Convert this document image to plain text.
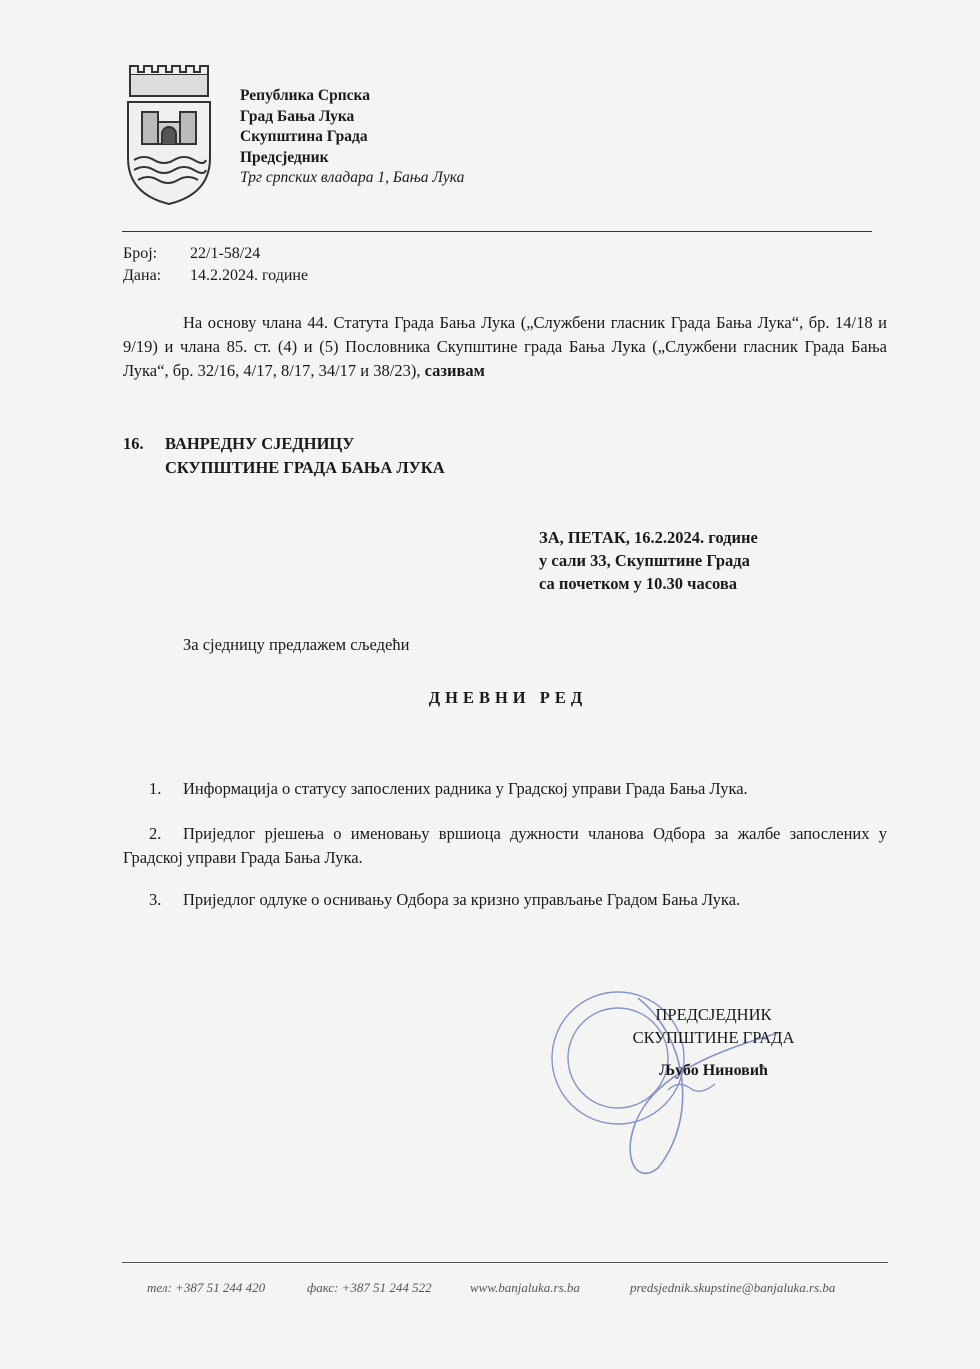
Република Српска
Град Бања Лука
Скупштина Града
Предсједник
Трг српских владара 1, Бања Лука
Број: 22/1-58/24
Дана: 14.2.2024. године
На основу члана 44. Статута Града Бања Лука („Службени гласник Града Бања Лука“, бр. 14/18 и 9/19) и члана 85. ст. (4) и (5) Пословника Скупштине града Бања Лука („Службени гласник Града Бања Лука“, бр. 32/16, 4/17, 8/17, 34/17 и 38/23), сазивам
16. ВАНРЕДНУ СЈЕДНИЦУ
СКУПШТИНЕ ГРАДА БАЊА ЛУКА
ЗА, ПЕТАК, 16.2.2024. године
у сали 33, Скупштине Града
са почетком у 10.30 часова
За сједницу предлажем сљедећи
ДНЕВНИ РЕД
1. Информација о статусу запослених радника у Градској управи Града Бања Лука.
2. Приједлог рјешења о именовању вршиоца дужности чланова Одбора за жалбе запослених у Градској управи Града Бања Лука.
3. Приједлог одлуке о оснивању Одбора за кризно управљање Градом Бања Лука.
ПРЕДСЈЕДНИК
СКУПШТИНЕ ГРАДА
Љубо Ниновић
тел: +387 51 244 420	факс: +387 51 244 522	www.banjaluka.rs.ba	predsjednik.skupstine@banjaluka.rs.ba
